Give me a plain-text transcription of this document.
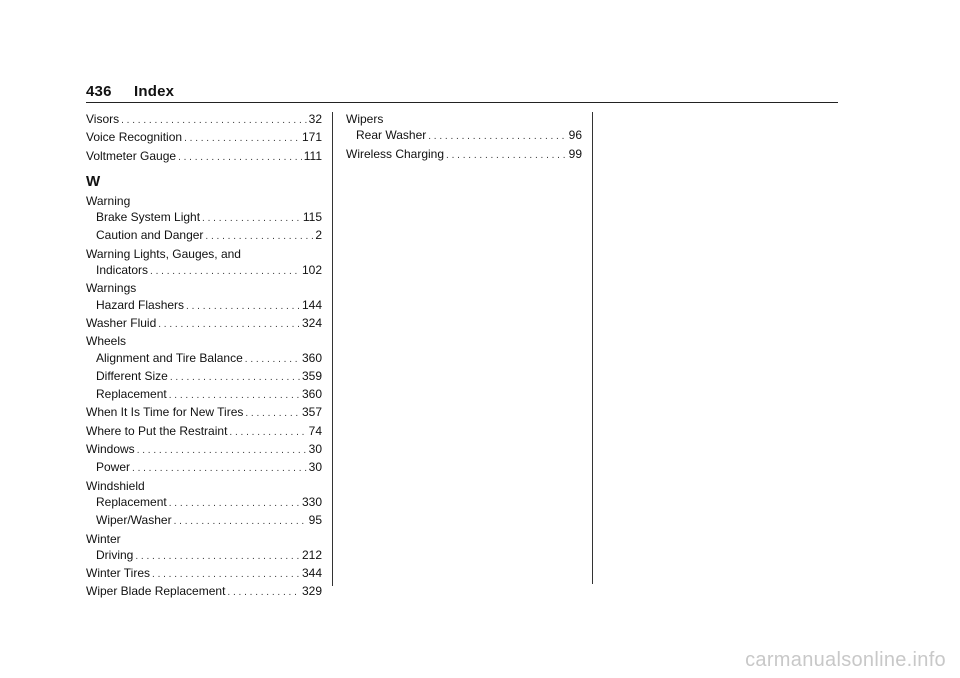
436 Index
Visors . . .	32
Voice Recognition . . .	171
Voltmeter Gauge . . .	111
W
Warning
Brake System Light . . .	115
Caution and Danger . . .	2
Warning Lights, Gauges, and
Indicators . . .	102
Warnings
Hazard Flashers . . .	144
Washer Fluid . . .	324
Wheels
Alignment and Tire Balance . . .	360
Different Size . . .	359
Replacement . . .	360
When It Is Time for New Tires . . .	357
Where to Put the Restraint . . .	74
Windows . . .	30
Power . . .	30
Windshield
Replacement . . .	330
Wiper/Washer . . .	95
Winter
Driving . . .	212
Winter Tires . . .	344
Wiper Blade Replacement . . .	329
Wipers
Rear Washer . . .	96
Wireless Charging . . .	99
carmanualsonline.info
